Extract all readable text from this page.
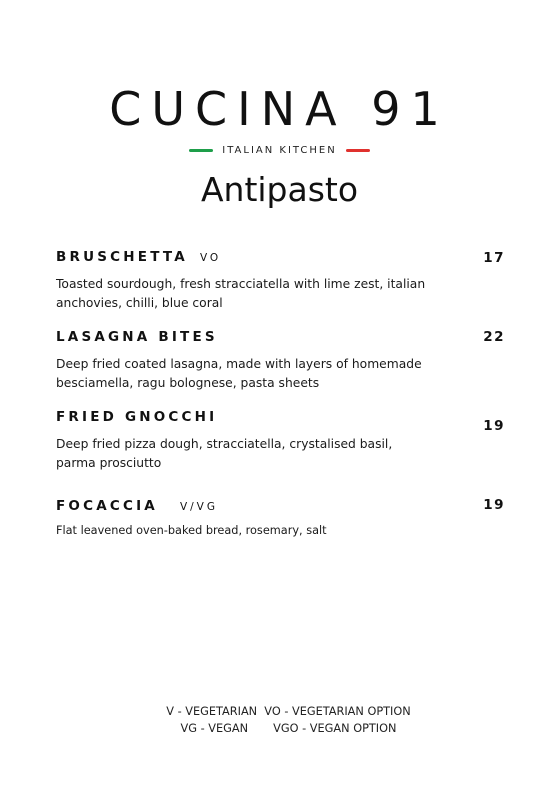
CUCINA 91
ITALIAN KITCHEN
Antipasto
BRUSCHETTA VO	17
Toasted sourdough, fresh stracciatella with lime zest, italian
anchovies, chilli, blue coral
LASAGNA BITES	22
Deep fried coated lasagna, made with layers of homemade
besciamella, ragu bolognese, pasta sheets
FRIED GNOCCHI
19
Deep fried pizza dough, stracciatella, crystalised basil,
parma prosciutto
FOCACCIA V/VG	19
Flat leavened oven-baked bread, rosemary, salt
V - VEGETARIAN  VO - VEGETARIAN OPTION
VG - VEGAN       VGO - VEGAN OPTION
